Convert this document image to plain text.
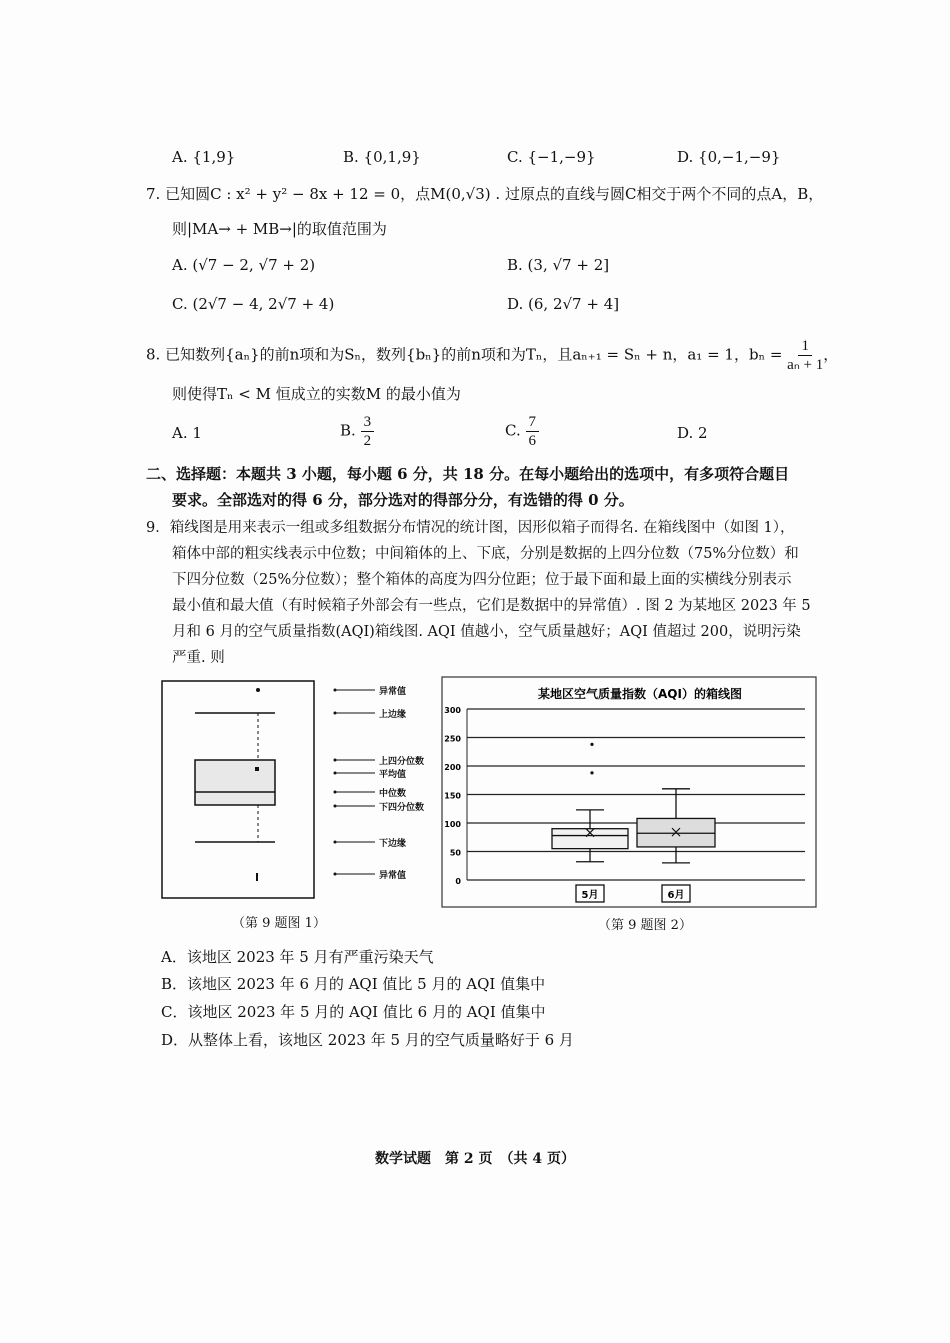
A. {1,9}	B. {0,1,9}	C. {−1,−9}	D. {0,−1,−9}
7. 已知圆C : x² + y² − 8x + 12 = 0，点M(0,√3) . 过原点的直线与圆C相交于两个不同的点A，B，
则|MA→ + MB→|的取值范围为
A. (√7 − 2, √7 + 2)	B. (3, √7 + 2]
C. (2√7 − 4, 2√7 + 4)	D. (6, 2√7 + 4]
8. 已知数列{aₙ}的前n项和为Sₙ，数列{bₙ}的前n项和为Tₙ，且aₙ₊₁ = Sₙ + n，a₁ = 1，$b_n = \frac{1}{\text{aₙ + 1}}$ ，
则使得Tₙ < M 恒成立的实数M 的最小值为
A. 1	B. $\frac{3}{2}$	C. $\frac{7}{6}$	D. 2
二、选择题：本题共 3 小题，每小题 6 分，共 18 分。在每小题给出的选项中，有多项符合题目
要求。全部选对的得 6 分，部分选对的得部分分，有选错的得 0 分。
9．箱线图是用来表示一组或多组数据分布情况的统计图，因形似箱子而得名. 在箱线图中（如图 1），
箱体中部的粗实线表示中位数；中间箱体的上、下底，分别是数据的上四分位数（75%分位数）和
下四分位数（25%分位数）；整个箱体的高度为四分位距；位于最下面和最上面的实横线分别表示
最小值和最大值（有时候箱子外部会有一些点，它们是数据中的异常值）. 图 2 为某地区 2023 年 5
月和 6 月的空气质量指数(AQI)箱线图. AQI 值越小，空气质量越好；AQI 值超过 200，说明污染
严重. 则
异常值
上边缘
上四分位数
平均值
中位数
下四分位数
下边缘
异常值
（第 9 题图 1）
某地区空气质量指数（AQI）的箱线图
0
50
100
150
200
250
300
5月	6月
（第 9 题图 2）
A．该地区 2023 年 5 月有严重污染天气
B．该地区 2023 年 6 月的 AQI 值比 5 月的 AQI 值集中
C．该地区 2023 年 5 月的 AQI 值比 6 月的 AQI 值集中
D．从整体上看，该地区 2023 年 5 月的空气质量略好于 6 月
数学试题　第 2 页　（共 4 页）
